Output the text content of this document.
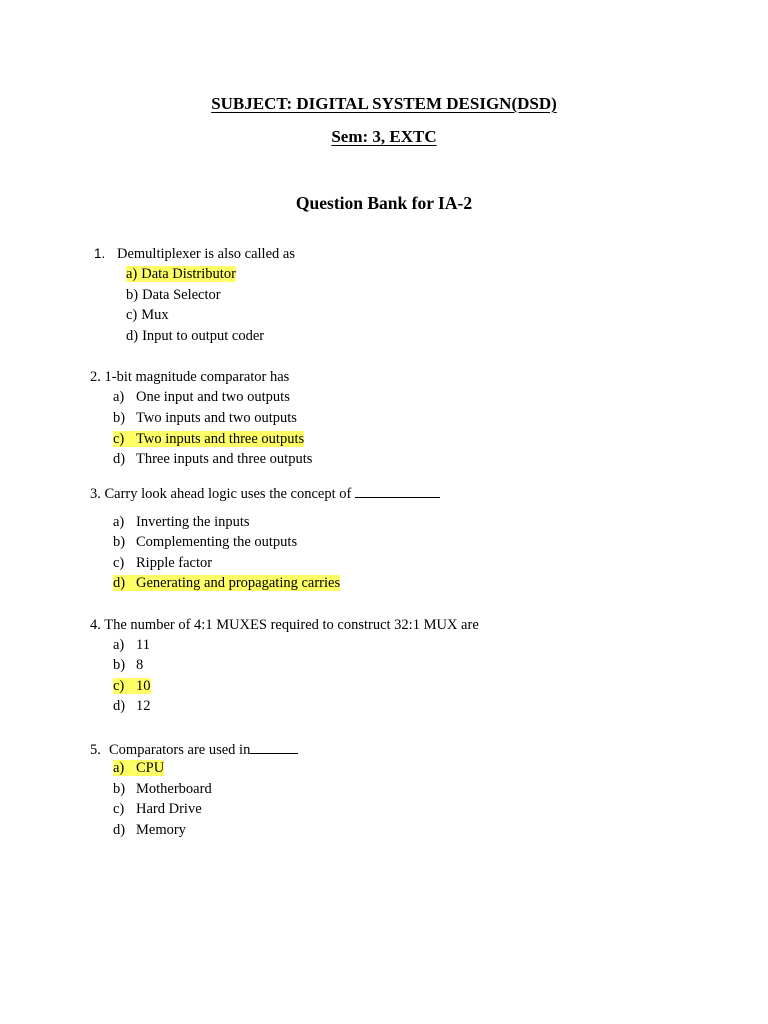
SUBJECT: DIGITAL SYSTEM DESIGN(DSD)
Sem: 3, EXTC
Question Bank for IA-2
1. Demultiplexer is also called as
a) Data Distributor
b) Data Selector
c) Mux
d) Input to output coder
2. 1-bit magnitude comparator has
a) One input and two outputs
b) Two inputs and two outputs
c) Two inputs and three outputs
d) Three inputs and three outputs
3. Carry look ahead logic uses the concept of
a) Inverting the inputs
b) Complementing the outputs
c) Ripple factor
d) Generating and propagating carries
4. The number of 4:1 MUXES required to construct 32:1 MUX are
a) 11
b) 8
c) 10
d) 12
5. Comparators are used in
a) CPU
b) Motherboard
c) Hard Drive
d) Memory
